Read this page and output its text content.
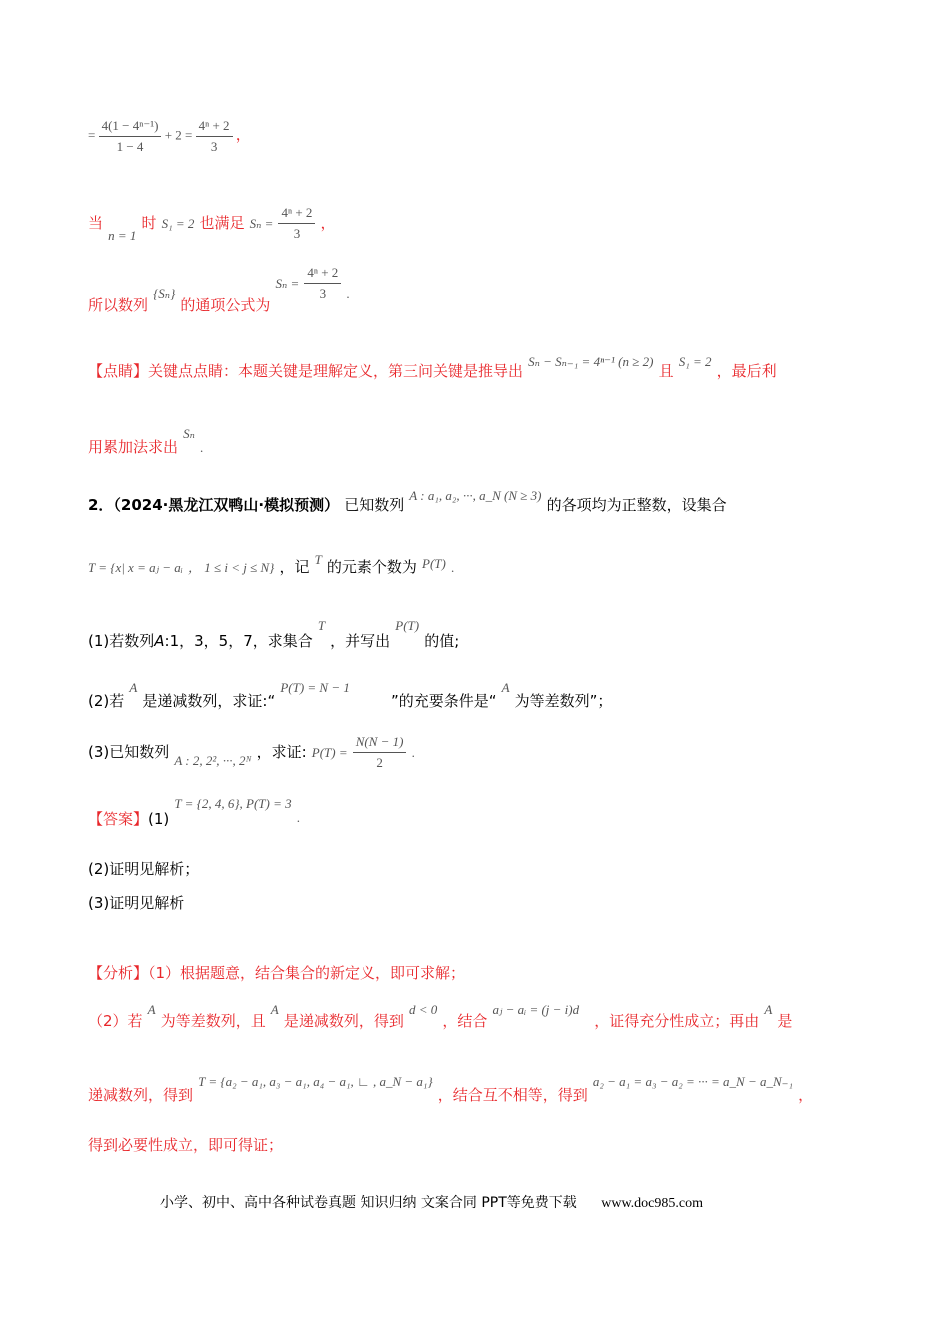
= $\frac{\text{4(1 − 4ⁿ⁻¹)}}{1 - 4} + 2 = \frac{\text{4ⁿ + 2}}{3}$ ，
当 $_{n = 1}$ 时 S₁ = 2 也满足 $S_n = \frac{\text{4ⁿ + 2}}{3}$ ，
所以数列 $_{\{S_n\}}$ 的通项公式为 $S_n = \frac{\text{4ⁿ + 2}}{3} _.$
【点睛】关键点点睛：本题关键是理解定义，第三问关键是推导出 Sₙ − Sₙ₋₁ = 4ⁿ⁻¹ (n ≥ 2) 且 S₁ = 2 ，最后利
用累加法求出 Sₙ $_.$
2．（2024·黑龙江双鸭山·模拟预测） 已知数列 A : a₁, a₂, ···, a_N (N ≥ 3) 的各项均为正整数，设集合
T = {x| x = aⱼ − aᵢ ， 1 ≤ i < j ≤ N} ，记 $^T$ 的元素个数为 $^{P(T)}$ .
(1)若数列A:1，3，5，7，求集合 T ，并写出 P(T) 的值;
(2)若 A 是递减数列，求证:“ P(T) = N − 1 ”的充要条件是“ A 为等差数列”；
(3)已知数列 $_{A : 2, 2^2, \cdot\cdot\cdot, 2ᴺ}$ ，求证: $P(T) = \frac{N(N - 1)}{2}$ .
【答案】(1) T = {2, 4, 6}, P(T) = 3 $_.$
(2)证明见解析；
(3)证明见解析
【分析】（1）根据题意，结合集合的新定义，即可求解；
（2）若 A 为等差数列，且 A 是递减数列，得到 d < 0 ，结合 aⱼ − aᵢ = (j − i)d ，证得充分性成立；再由 A 是
递减数列，得到 T = {a₂ − a₁, a₃ − a₁, a₄ − a₁, ∟ , a_N − a₁} ，结合互不相等，得到 a₂ − a₁ = a₃ − a₂ = ··· = a_N − a_N₋₁ ，
得到必要性成立，即可得证；
小学、初中、高中各种试卷真题 知识归纳 文案合同 PPT等免费下载 www.doc985.com
